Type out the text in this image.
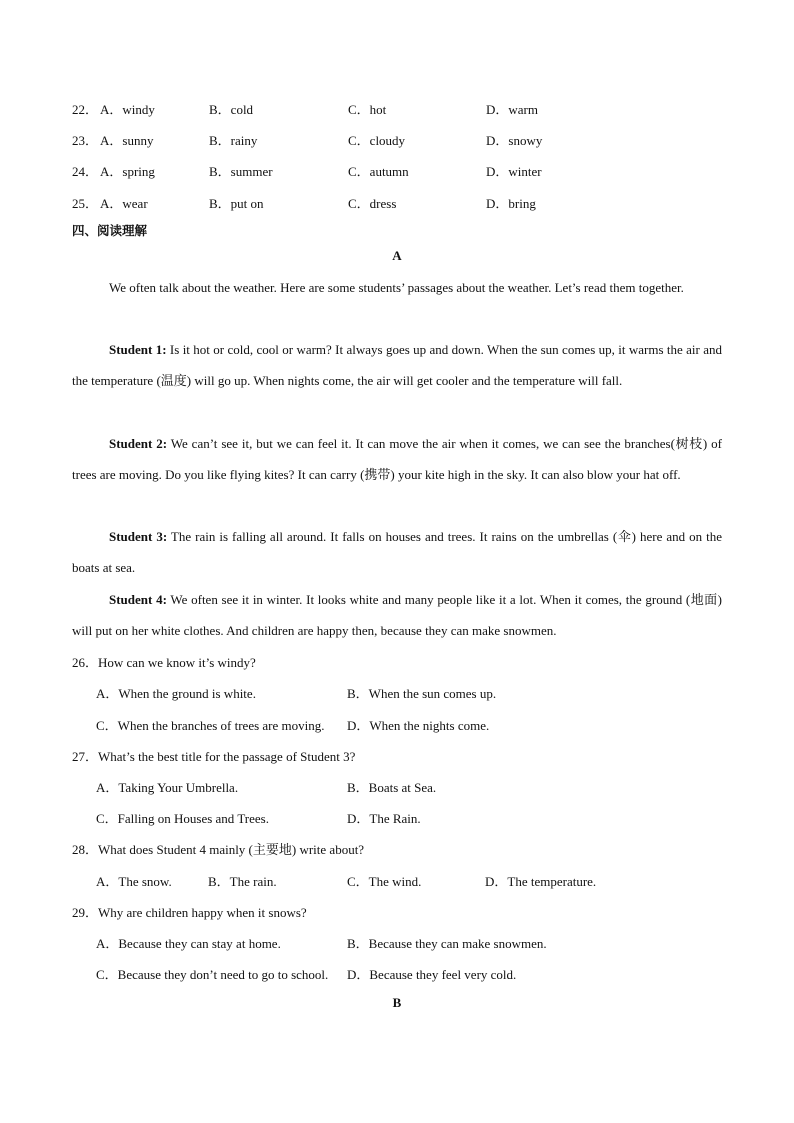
22． A．windy	B．cold	C．hot	D．warm
23． A．sunny	B．rainy	C．cloudy	D．snowy
24． A．spring	B．summer	C．autumn	D．winter
25． A．wear	B．put on	C．dress	D．bring
四、阅读理解
A
We often talk about the weather. Here are some students’ passages about the weather. Let’s read them together.
Student 1: Is it hot or cold, cool or warm? It always goes up and down. When the sun comes up, it warms the air and the temperature (温度) will go up. When nights come, the air will get cooler and the temperature will fall.
Student 2: We can’t see it, but we can feel it. It can move the air when it comes, we can see the branches(树枝) of trees are moving. Do you like flying kites? It can carry (携带) your kite high in the sky. It can also blow your hat off.
Student 3: The rain is falling all around. It falls on houses and trees. It rains on the umbrellas (伞) here and on the boats at sea.
Student 4: We often see it in winter. It looks white and many people like it a lot. When it comes, the ground (地面) will put on her white clothes. And children are happy then, because they can make snowmen.
26．How can we know it’s windy?
A．When the ground is white.	B．When the sun comes up.
C．When the branches of trees are moving. D．When the nights come.
27．What’s the best title for the passage of Student 3?
A．Taking Your Umbrella.	B．Boats at Sea.
C．Falling on Houses and Trees.	D．The Rain.
28．What does Student 4 mainly (主要地) write about?
A．The snow.	B．The rain.	C．The wind.	D．The temperature.
29．Why are children happy when it snows?
A．Because they can stay at home.	B．Because they can make snowmen.
C．Because they don’t need to go to school. D．Because they feel very cold.
B
